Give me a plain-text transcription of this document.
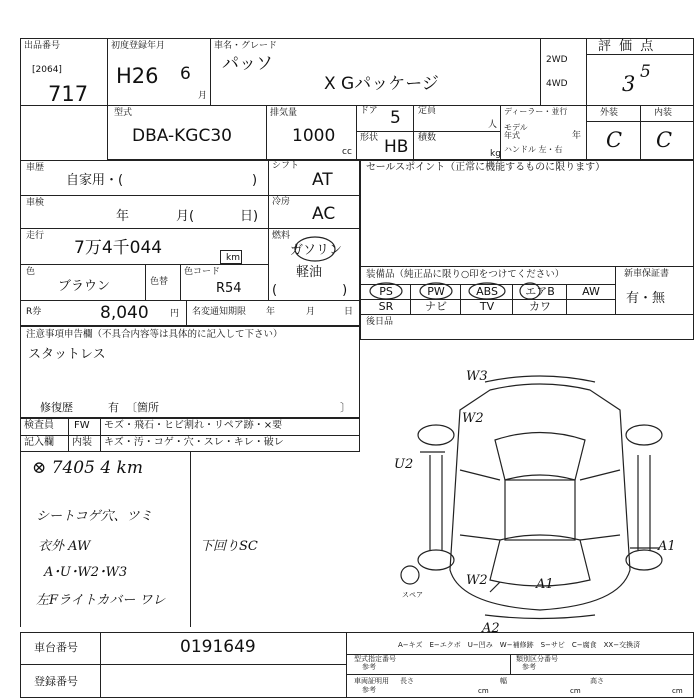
出品番号
[2064]
717
初度登録年月
H26 6
月
車名・グレード
パッソ
X Gパッケージ
2WD
4WD
評 価 点
3 5
型式
DBA-KGC30
排気量
1000
cc
ドア 5 定員
人
形状 HB 積数
kg
ディーラー・並行
モデル年式	年
ハンドル 左・右
外装	内装
C C
車歴
自家用・(	)
シフト
AT
車検
年	月(	日)
冷房
AC
走行
7万4千044	km
燃料
ガソリン
軽油
(　　　　　)
色
ブラウン	色替
色コード
R54
R券	8,040 円 名変通知期限 年	月	日
セールスポイント（正常に機能するものに限ります）
装備品（純正品に限り○印をつけてください）	新車保証書
有・無
PS	PW	ABS	エアB	AW
SR	ナビ	TV	カワ
後日品
注意事項申告欄（不具合内容等は具体的に記入して下さい）
スタットレス
修復歴	有 〔箇所	〕
検査員
記入欄
FW モズ・飛石・ヒビ割れ・リペア跡・×要
内装 キズ・汚・コゲ・穴・スレ・キレ・破レ
⊗ 7405 4 km
シートコゲ穴、ツミ
衣外 AW
A･U･W2･W3
左Fライトカバー ワレ
下回りSC
W3
W2
U2
A1
W2	A1
A2
スペア
A−キズ　E−エクボ　U−凹み　W−補修跡　S−サビ　C−腐食　XX−交換済
車台番号	0191649
登録番号
型式指定番号
参考
類別区分番号
参考
車両証明用
参考
長さ
cm
幅
cm
高さ
cm
